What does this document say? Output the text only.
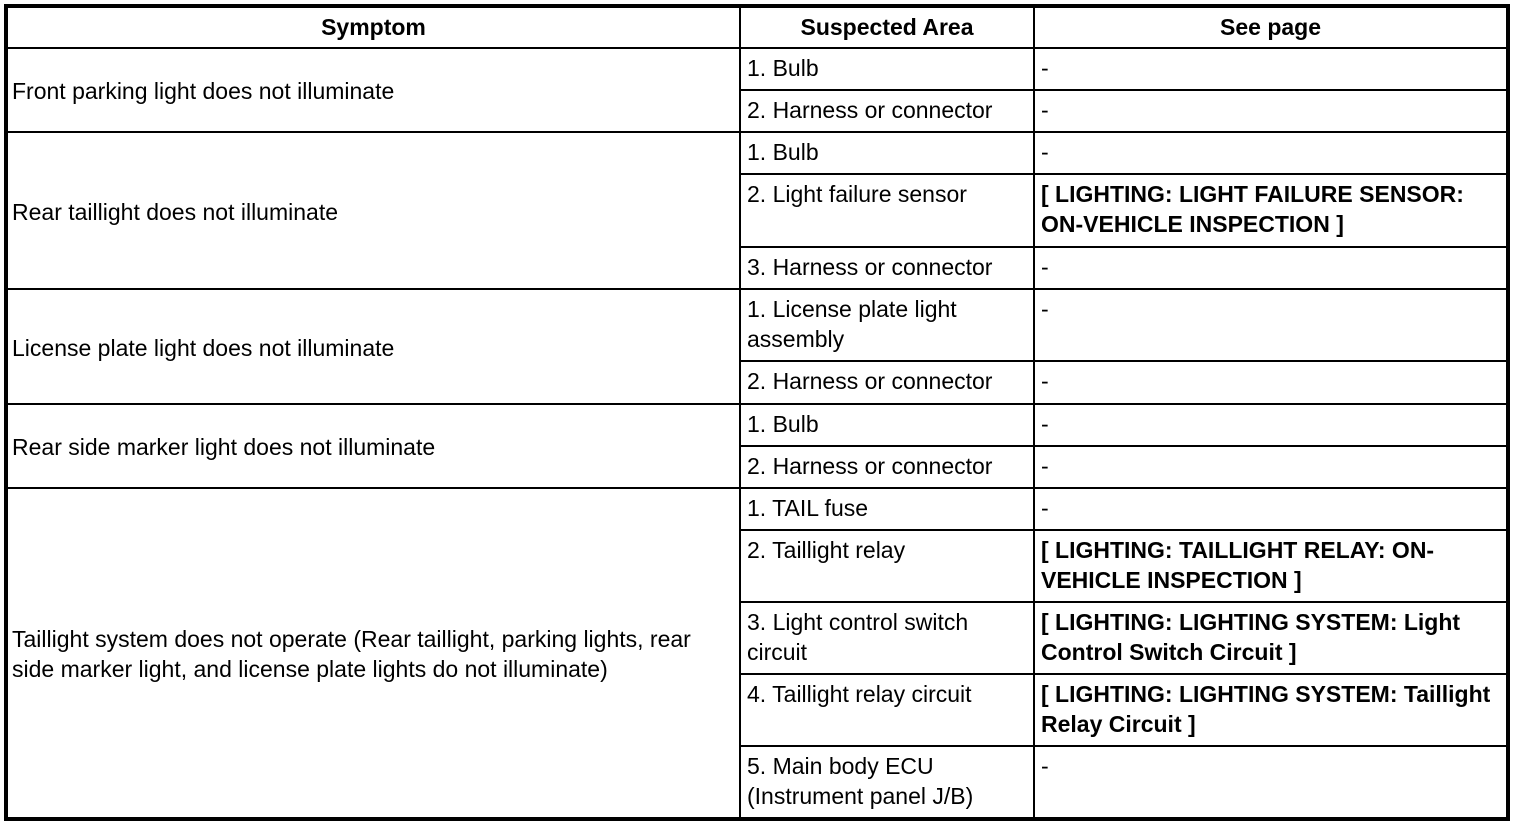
Symptom	Suspected Area	See page
Front parking light does not illuminate	1. Bulb	-
	2. Harness or connector	-
Rear taillight does not illuminate	1. Bulb	-
	2. Light failure sensor	[ LIGHTING: LIGHT FAILURE SENSOR: ON-VEHICLE INSPECTION ]
	3. Harness or connector	-
License plate light does not illuminate	1. License plate light assembly	-
	2. Harness or connector	-
Rear side marker light does not illuminate	1. Bulb	-
	2. Harness or connector	-
Taillight system does not operate (Rear taillight, parking lights, rear side marker light, and license plate lights do not illuminate)	1. TAIL fuse	-
	2. Taillight relay	[ LIGHTING: TAILLIGHT RELAY: ON-VEHICLE INSPECTION ]
	3. Light control switch circuit	[ LIGHTING: LIGHTING SYSTEM: Light Control Switch Circuit ]
	4. Taillight relay circuit	[ LIGHTING: LIGHTING SYSTEM: Taillight Relay Circuit ]
	5. Main body ECU (Instrument panel J/B)	-
